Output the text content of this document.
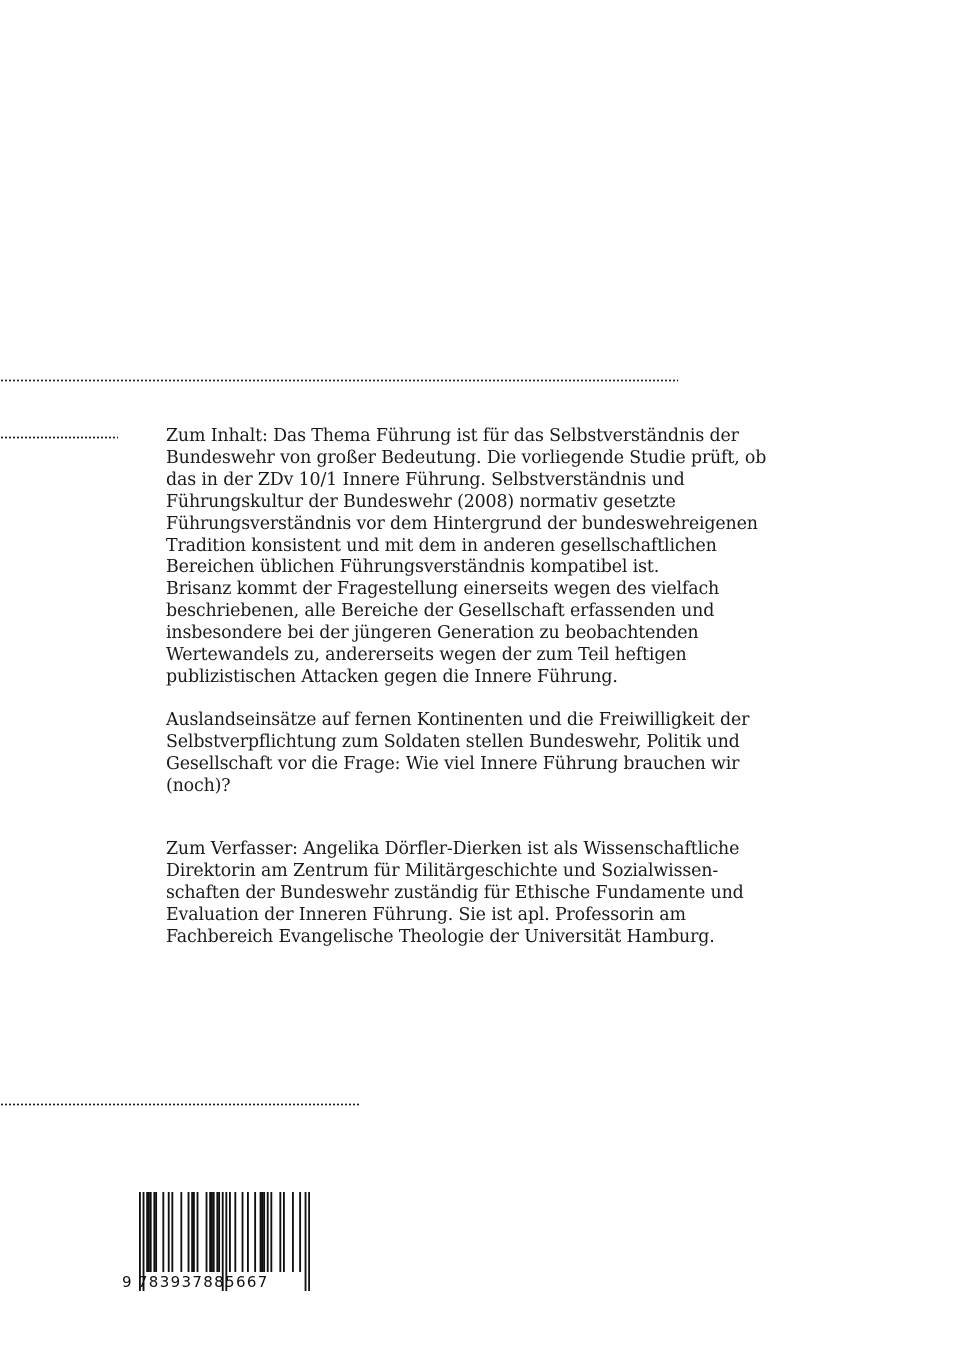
Zum Inhalt: Das Thema Führung ist für das Selbstverständnis der
Bundeswehr von großer Bedeutung. Die vorliegende Studie prüft, ob
das in der ZDv 10/1 Innere Führung. Selbstverständnis und
Führungskultur der Bundeswehr (2008) normativ gesetzte
Führungsverständnis vor dem Hintergrund der bundeswehreigenen
Tradition konsistent und mit dem in anderen gesellschaftlichen
Bereichen üblichen Führungsverständnis kompatibel ist.
Brisanz kommt der Fragestellung einerseits wegen des vielfach
beschriebenen, alle Bereiche der Gesellschaft erfassenden und
insbesondere bei der jüngeren Generation zu beobachtenden
Wertewandels zu, andererseits wegen der zum Teil heftigen
publizistischen Attacken gegen die Innere Führung.
Auslandseinsätze auf fernen Kontinenten und die Freiwilligkeit der
Selbstverpflichtung zum Soldaten stellen Bundeswehr, Politik und
Gesellschaft vor die Frage: Wie viel Innere Führung brauchen wir
(noch)?
Zum Verfasser: Angelika Dörfler-Dierken ist als Wissenschaftliche
Direktorin am Zentrum für Militärgeschichte und Sozialwissen-
schaften der Bundeswehr zuständig für Ethische Fundamente und
Evaluation der Inneren Führung. Sie ist apl. Professorin am
Fachbereich Evangelische Theologie der Universität Hamburg.
9 783937885667
